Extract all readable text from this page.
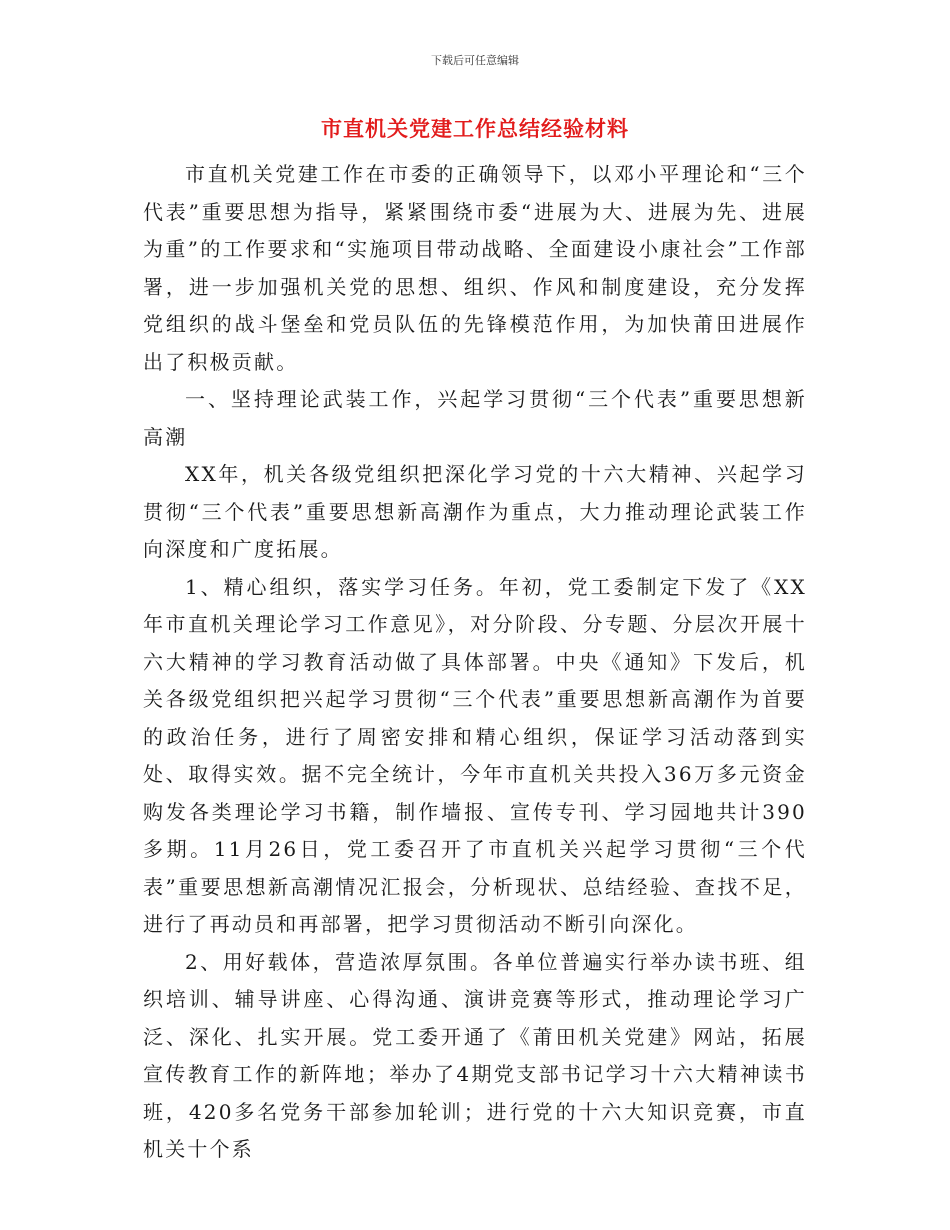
下载后可任意编辑
市直机关党建工作总结经验材料

市直机关党建工作在市委的正确领导下，以邓小平理论和“三个代表”重要思想为指导，紧紧围绕市委“进展为大、进展为先、进展为重”的工作要求和“实施项目带动战略、全面建设小康社会”工作部署，进一步加强机关党的思想、组织、作风和制度建设，充分发挥党组织的战斗堡垒和党员队伍的先锋模范作用，为加快莆田进展作出了积极贡献。

一、坚持理论武装工作，兴起学习贯彻“三个代表”重要思想新高潮

XX年，机关各级党组织把深化学习党的十六大精神、兴起学习贯彻“三个代表”重要思想新高潮作为重点，大力推动理论武装工作向深度和广度拓展。

1、精心组织，落实学习任务。年初，党工委制定下发了《XX年市直机关理论学习工作意见》，对分阶段、分专题、分层次开展十六大精神的学习教育活动做了具体部署。中央《通知》下发后，机关各级党组织把兴起学习贯彻“三个代表”重要思想新高潮作为首要的政治任务，进行了周密安排和精心组织，保证学习活动落到实处、取得实效。据不完全统计，今年市直机关共投入36万多元资金购发各类理论学习书籍，制作墙报、宣传专刊、学习园地共计390多期。11月26日，党工委召开了市直机关兴起学习贯彻“三个代表”重要思想新高潮情况汇报会，分析现状、总结经验、查找不足，进行了再动员和再部署，把学习贯彻活动不断引向深化。

2、用好载体，营造浓厚氛围。各单位普遍实行举办读书班、组织培训、辅导讲座、心得沟通、演讲竞赛等形式，推动理论学习广泛、深化、扎实开展。党工委开通了《莆田机关党建》网站，拓展宣传教育工作的新阵地；举办了4期党支部书记学习十六大精神读书班，420多名党务干部参加轮训；进行党的十六大知识竞赛，市直机关十个系
